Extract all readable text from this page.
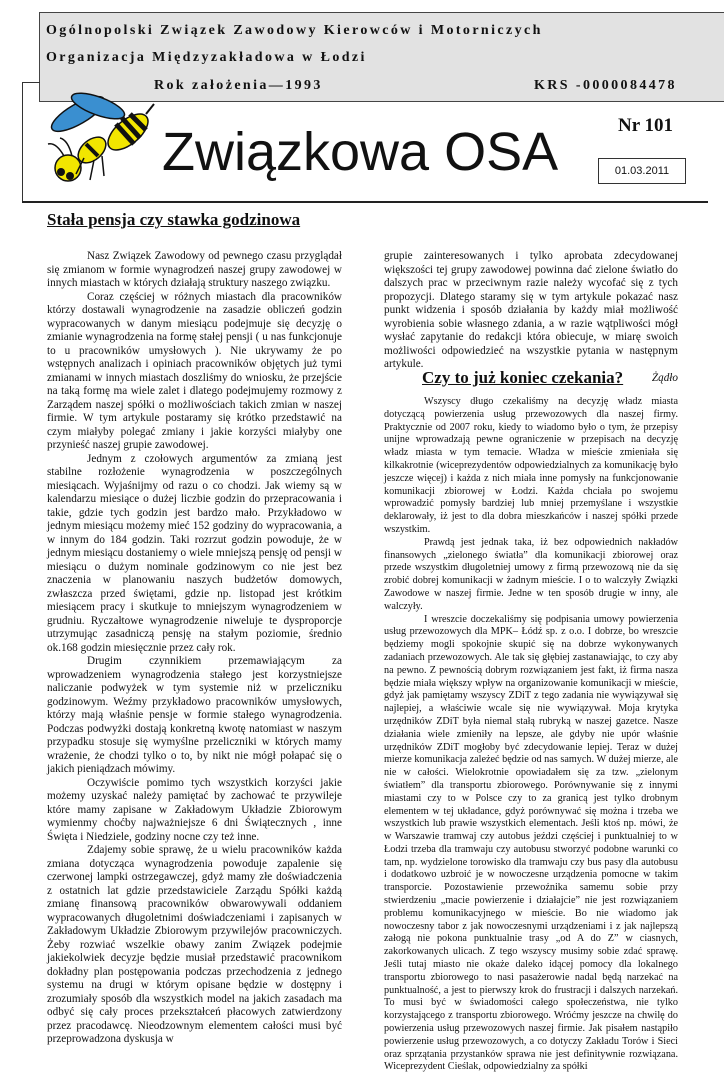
Ogólnopolski Związek Zawodowy Kierowców i Motorniczych
Organizacja Międzyzakładowa w Łodzi
Rok założenia—1993	KRS -0000084478
Związkowa OSA	Nr 101
01.03.2011
Stała pensja czy stawka godzinowa

Nasz Związek Zawodowy od pewnego czasu przyglądał się zmianom w formie wynagrodzeń naszej grupy zawodowej w innych miastach w których działają struktury naszego związku.

Coraz częściej w różnych miastach dla pracowników którzy dostawali wynagrodzenie na zasadzie obliczeń godzin wypracowanych w danym miesiącu podejmuje się decyzję o zmianie wynagrodzenia na formę stałej pensji ( u nas funkcjonuje to u pracowników umysłowych ). Nie ukrywamy że po wstępnych analizach i opiniach pracowników objętych już tymi zmianami w innych miastach doszliśmy do wniosku, że przejście na taką formę ma wiele zalet i dlatego podejmujemy rozmowy z Zarządem naszej spółki o możliwościach takich zmian w naszej firmie. W tym artykule postaramy się krótko przedstawić na czym miałyby polegać zmiany i jakie korzyści miałyby one przynieść naszej grupie zawodowej.

Jednym z czołowych argumentów za zmianą jest stabilne rozłożenie wynagrodzenia w poszczególnych miesiącach. Wyjaśnijmy od razu o co chodzi. Jak wiemy są w kalendarzu miesiące o dużej liczbie godzin do przepracowania i takie, gdzie tych godzin jest bardzo mało. Przykładowo w jednym miesiącu możemy mieć 152 godziny do wypracowania, a w innym do 184 godzin. Taki rozrzut godzin powoduje, że w jednym miesiącu dostaniemy o wiele mniejszą pensję od pensji w miesiącu o dużym nominale godzinowym co nie jest bez znaczenia w planowaniu naszych budżetów domowych, zwłaszcza przed świętami, gdzie np. listopad jest krótkim miesiącem pracy i skutkuje to mniejszym wynagrodzeniem w grudniu. Ryczałtowe wynagrodzenie niweluje te dysproporcje utrzymując zasadniczą pensję na stałym poziomie, średnio ok.168 godzin miesięcznie przez cały rok.

Drugim czynnikiem przemawiającym za wprowadzeniem wynagrodzenia stałego jest korzystniejsze naliczanie podwyżek w tym systemie niż w przeliczniku godzinowym. Weźmy przykładowo pracowników umysłowych, którzy mają właśnie pensje w formie stałego wynagrodzenia. Podczas podwyżki dostają konkretną kwotę natomiast w naszym przypadku stosuje się wymyślne przeliczniki w których mamy wrażenie, że chodzi tylko o to, by nikt nie mógł połapać się o jakich pieniądzach mówimy.

Oczywiście pomimo tych wszystkich korzyści jakie możemy uzyskać należy pamiętać by zachować te przywileje które mamy zapisane w Zakładowym Układzie Zbiorowym wymienmy choćby najważniejsze 6 dni Świątecznych , inne Święta i Niedziele, godziny nocne czy też inne.

Zdajemy sobie sprawę, że u wielu pracowników każda zmiana dotycząca wynagrodzenia powoduje zapalenie się czerwonej lampki ostrzegawczej, gdyż mamy złe doświadczenia z ostatnich lat gdzie przedstawiciele Zarządu Spółki każdą zmianę finansową pracowników obwarowywali oddaniem wypracowanych długoletnimi doświadczeniami i zapisanych w Zakładowym Układzie Zbiorowym przywilejów pracowniczych. Żeby rozwiać wszelkie obawy zanim Związek podejmie jakiekolwiek decyzje będzie musiał przedstawić pracownikom dokładny plan postępowania podczas przechodzenia z jednego systemu na drugi w którym opisane będzie w dostępny i zrozumiały sposób dla wszystkich model na jakich zasadach ma odbyć się cały proces przekształceń płacowych zatwierdzony przez pracodawcę. Nieodzownym elementem całości musi być przeprowadzona dyskusja w

grupie zainteresowanych i tylko aprobata zdecydowanej większości tej grupy zawodowej powinna dać zielone światło do dalszych prac w przeciwnym razie należy wycofać się z tych propozycji. Dlatego staramy się w tym artykule pokazać nasz punkt widzenia i sposób działania by każdy miał możliwość wyrobienia sobie własnego zdania, a w razie wątpliwości mógł wysłać zapytanie do redakcji która obiecuje, w miarę swoich możliwości odpowiedzieć na wszystkie pytania w następnym artykule.

Żądło

Czy to już koniec czekania?

Wszyscy długo czekaliśmy na decyzję władz miasta dotyczącą powierzenia usług przewozowych dla naszej firmy. Praktycznie od 2007 roku, kiedy to wiadomo było o tym, że przepisy unijne wprowadzają pewne ograniczenie w przepisach na decyzję władz miasta w tym temacie. Władza w mieście zmieniała się kilkakrotnie (wiceprezydentów odpowiedzialnych za komunikację było jeszcze więcej) i każda z nich miała inne pomysły na funkcjonowanie komunikacji zbiorowej w Łodzi. Każda chciała po swojemu wprowadzić pomysły bardziej lub mniej przemyślane i wszystkie deklarowały, iż jest to dla dobra mieszkańców i naszej spółki przede wszystkim.

Prawdą jest jednak taka, iż bez odpowiednich nakładów finansowych „zielonego światła” dla komunikacji zbiorowej oraz przede wszystkim długoletniej umowy z firmą przewozową nie da się zrobić dobrej komunikacji w żadnym mieście. I o to walczyły Związki Zawodowe w naszej firmie. Jedne w ten sposób drugie w inny, ale walczyły.

I wreszcie doczekaliśmy się podpisania umowy powierzenia usług przewozowych dla MPK– Łódź sp. z o.o. I dobrze, bo wreszcie będziemy mogli spokojnie skupić się na dobrze wykonywanych zadaniach przewozowych. Ale tak się głębiej zastanawiając, to czy aby na pewno. Z pewnością dobrym rozwiązaniem jest fakt, iż firma nasza będzie miała większy wpływ na organizowanie komunikacji w mieście, gdyż jak pamiętamy wszyscy ZDiT z tego zadania nie wywiązywał się najlepiej, a właściwie wcale się nie wywiązywał. Moja krytyka urzędników ZDiT była niemal stałą rubryką w naszej gazetce. Nasze działania wiele zmieniły na lepsze, ale gdyby nie upór właśnie urzędników ZDiT mogłoby być zdecydowanie lepiej. Teraz w dużej mierze komunikacja zależeć będzie od nas samych. W dużej mierze, ale nie w całości. Wielokrotnie opowiadałem się za tzw. „zielonym światłem” dla transportu zbiorowego. Porównywanie się z innymi miastami czy to w Polsce czy to za granicą jest tylko drobnym elementem w tej układance, gdyż porównywać się można i trzeba we wszystkich lub prawie wszystkich elementach. Jeśli ktoś np. mówi, że w Warszawie tramwaj czy autobus jeździ częściej i punktualniej to w Łodzi trzeba dla tramwaju czy autobusu stworzyć podobne warunki co tam, np. wydzielone torowisko dla tramwaju czy bus pasy dla autobusu i dodatkowo uzbroić je w nowoczesne urządzenia pomocne w takim transporcie. Pozostawienie przewoźnika samemu sobie przy stwierdzeniu „macie powierzenie i działajcie” nie jest rozwiązaniem problemu komunikacyjnego w mieście. Bo nie wiadomo jak nowoczesny tabor z jak nowoczesnymi urządzeniami i z jak najlepszą załogą nie pokona punktualnie trasy „od A do Z” w ciasnych, zakorkowanych ulicach. Z tego wszyscy musimy sobie zdać sprawę. Jeśli tutaj miasto nie okaże daleko idącej pomocy dla lokalnego transportu zbiorowego to nasi pasażerowie nadal będą narzekać na punktualność, a jest to pierwszy krok do frustracji i dalszych narzekań. To musi być w świadomości całego społeczeństwa, nie tylko korzystającego z transportu zbiorowego. Wróćmy jeszcze na chwilę do powierzenia usług przewozowych naszej firmie. Jak pisałem nastąpiło powierzenie usług przewozowych, a co dotyczy Zakładu Torów i Sieci oraz sprzątania przystanków sprawa nie jest definitywnie rozwiązana. Wiceprezydent Cieślak, odpowiedzialny za spółki
